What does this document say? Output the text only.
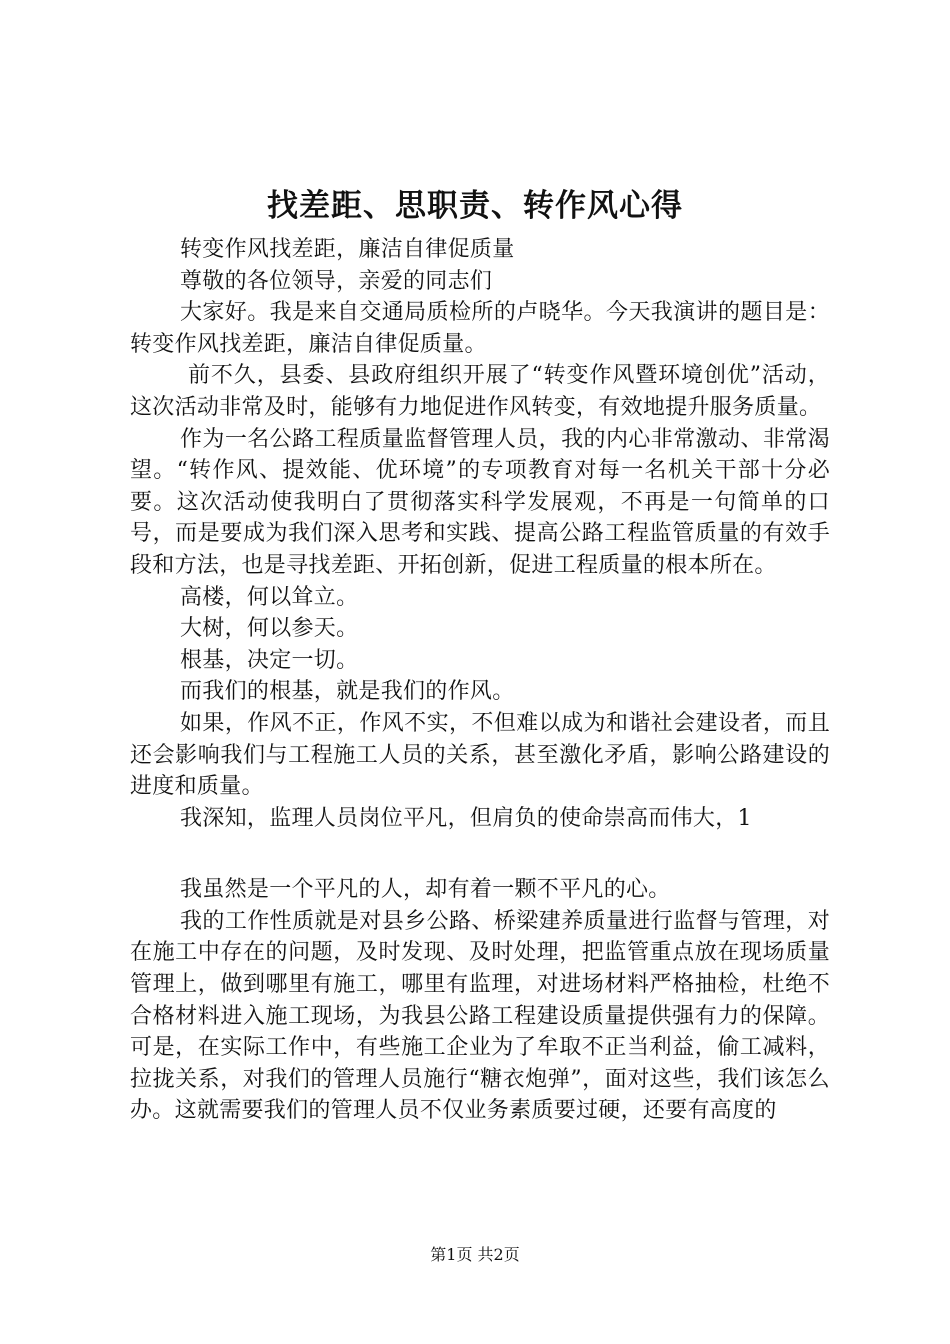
找差距、思职责、转作风心得

转变作风找差距，廉洁自律促质量

尊敬的各位领导，亲爱的同志们

大家好。我是来自交通局质检所的卢晓华。今天我演讲的题目是：转变作风找差距，廉洁自律促质量。

前不久，县委、县政府组织开展了“转变作风暨环境创优”活动，这次活动非常及时，能够有力地促进作风转变，有效地提升服务质量。

作为一名公路工程质量监督管理人员，我的内心非常激动、非常渴望。“转作风、提效能、优环境”的专项教育对每一名机关干部十分必要。这次活动使我明白了贯彻落实科学发展观，不再是一句简单的口号，而是要成为我们深入思考和实践、提高公路工程监管质量的有效手段和方法，也是寻找差距、开拓创新，促进工程质量的根本所在。

高楼，何以耸立。

大树，何以参天。

根基，决定一切。

而我们的根基，就是我们的作风。

如果，作风不正，作风不实，不但难以成为和谐社会建设者，而且还会影响我们与工程施工人员的关系，甚至激化矛盾，影响公路建设的进度和质量。

我深知，监理人员岗位平凡，但肩负的使命崇高而伟大，1

我虽然是一个平凡的人，却有着一颗不平凡的心。

我的工作性质就是对县乡公路、桥梁建养质量进行监督与管理，对在施工中存在的问题，及时发现、及时处理，把监管重点放在现场质量管理上，做到哪里有施工，哪里有监理，对进场材料严格抽检，杜绝不合格材料进入施工现场，为我县公路工程建设质量提供强有力的保障。可是，在实际工作中，有些施工企业为了牟取不正当利益，偷工减料，拉拢关系，对我们的管理人员施行“糖衣炮弹”，面对这些，我们该怎么办。这就需要我们的管理人员不仅业务素质要过硬，还要有高度的

第1页 共2页
